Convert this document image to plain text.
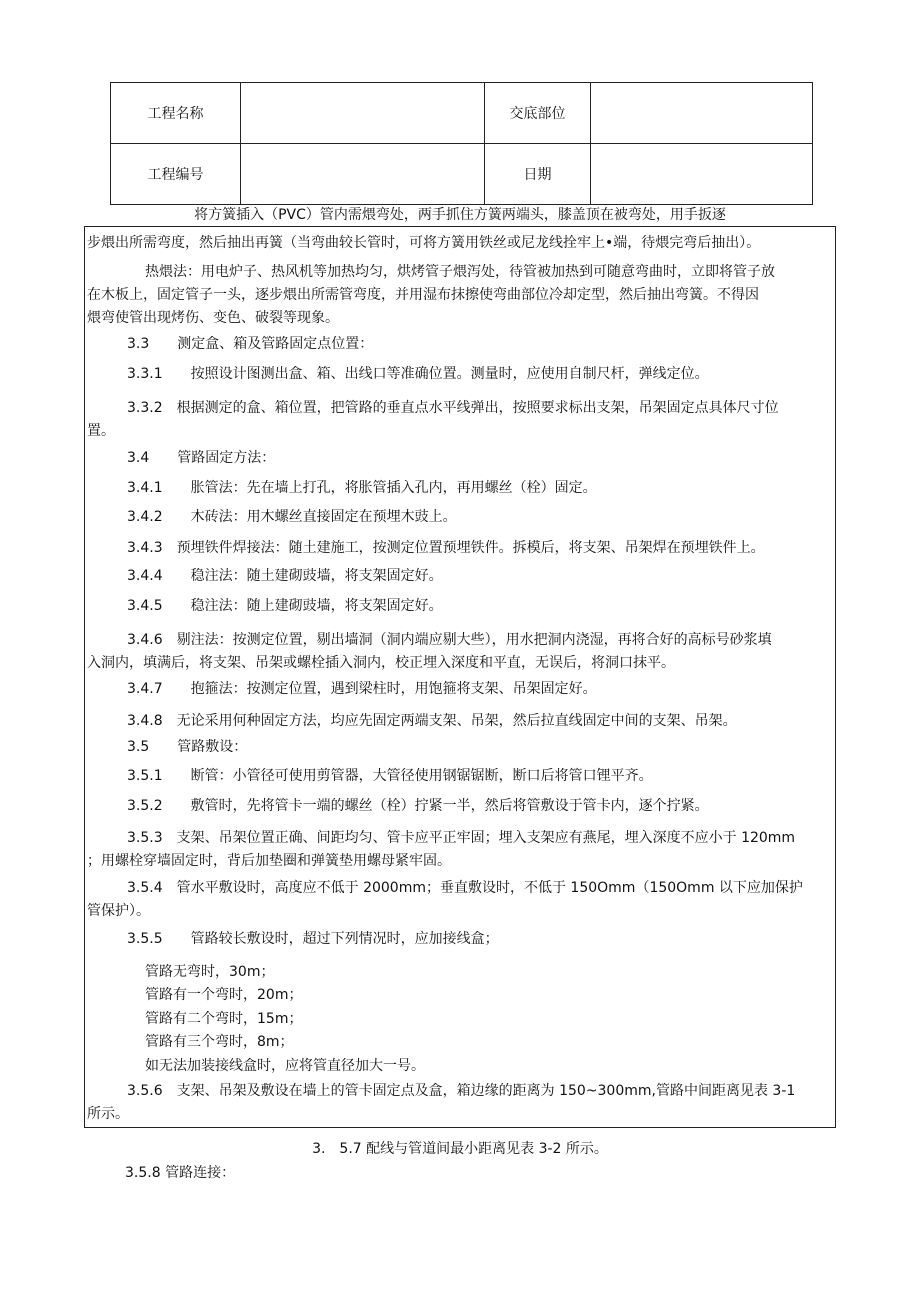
工程名称		交底部位	
工程编号		日期	
将方簧插入（PVC）管内需煨弯处，两手抓住方簧两端头，膝盖顶在被弯处，用手扳逐
步煨出所需弯度，然后抽出再簧（当弯曲较长管时，可将方簧用铁丝或尼龙线拴牢上•端，待煨完弯后抽出）。
热煨法：用电炉子、热风机等加热均匀，烘烤管子煨泻处，待管被加热到可随意弯曲时，立即将管子放
在木板上，固定管子一头，逐步煨出所需管弯度，并用湿布抹擦使弯曲部位冷却定型，然后抽出弯簧。不得因
煨弯使管出现烤伤、变色、破裂等现象。
3.3　　测定盒、箱及管路固定点位置：
3.3.1　　按照设计图测出盒、箱、出线口等准确位置。测量时，应使用自制尺杆，弹线定位。
3.3.2　根据测定的盒、箱位置，把管路的垂直点水平线弹出，按照要求标出支架，吊架固定点具体尺寸位
置。
3.4　　管路固定方法：
3.4.1　　胀管法：先在墙上打孔，将胀管插入孔内，再用螺丝（栓）固定。
3.4.2　　木砖法：用木螺丝直接固定在预埋木豉上。
3.4.3　预埋铁件焊接法：随土建施工，按测定位置预埋铁件。拆模后，将支架、吊架焊在预埋铁件上。
3.4.4　　稳注法：随土建砌豉墙，将支架固定好。
3.4.5　　稳注法：随上建砌豉墙，将支架固定好。
3.4.6　剔注法：按测定位置，剔出墙洞（洞内端应剔大些），用水把洞内浇湿，再将合好的高标号砂浆填
入洞内，填满后，将支架、吊架或螺栓插入洞内，校正埋入深度和平直，无误后，将洞口抹平。
3.4.7　　抱箍法：按测定位置，遇到梁柱时，用饱箍将支架、吊架固定好。
3.4.8　无论采用何种固定方法，均应先固定两端支架、吊架，然后拉直线固定中间的支架、吊架。
3.5　　管路敷设：
3.5.1　　断管：小管径可使用剪管器，大管径使用钢锯锯断，断口后将管口锂平齐。
3.5.2　　敷管时，先将管卡一端的螺丝（栓）拧紧一半，然后将管敷设于管卡内，逐个拧紧。
3.5.3　支架、吊架位置正确、间距均匀、管卡应平正牢固；埋入支架应有燕尾，埋入深度不应小于 120mm
；用螺栓穿墙固定时，背后加垫圈和弹簧垫用螺母紧牢固。
3.5.4　管水平敷设时，高度应不低于 2000mm；垂直敷设时，不低于 150Omm（150Omm 以下应加保护
管保护）。
3.5.5　　管路较长敷设时，超过下列情况时，应加接线盒；
管路无弯时，30m；
管路有一个弯时，20m；
管路有二个弯时，15m；
管路有三个弯时，8m；
如无法加装接线盒时，应将管直径加大一号。
3.5.6　支架、吊架及敷设在墙上的管卡固定点及盒，箱边缘的距离为 150~300mm,管路中间距离见表 3-1
所示。
3.　5.7 配线与管道间最小距离见表 3-2 所示。
3.5.8 管路连接：
